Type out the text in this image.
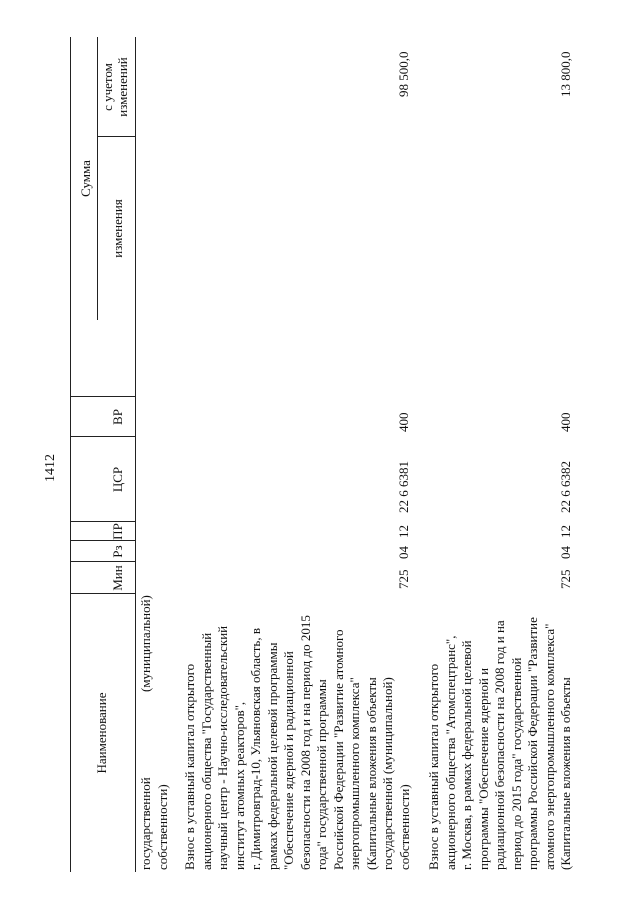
1412
Наименование
Мин
Рз
ПР
ЦСР
ВР
Сумма
изменения
с учетом изменений
государственной
(муниципальной)
собственности) Взнос в уставный капитал открытого акционерного общества "Государственный научный центр - Научно-исследовательский институт атомных реакторов", г. Димитровград-10, Ульяновская область, в рамках федеральной целевой программы "Обеспечение ядерной и радиационной безопасности на 2008 год и на период до 2015 года" государственной программы Российской Федерации "Развитие атомного энергопромышленного комплекса" (Капитальные вложения в объекты государственной (муниципальной) собственности)
725
04
12
22 6 6381
400
98 500,0
Взнос в уставный капитал открытого акционерного общества "Атомспецтранс", г. Москва, в рамках федеральной целевой программы "Обеспечение ядерной и радиационной безопасности на 2008 год и на период до 2015 года" государственной программы Российской Федерации "Развитие атомного энергопромышленного комплекса" (Капитальные вложения в объекты
725
04
12
22 6 6382
400
13 800,0
